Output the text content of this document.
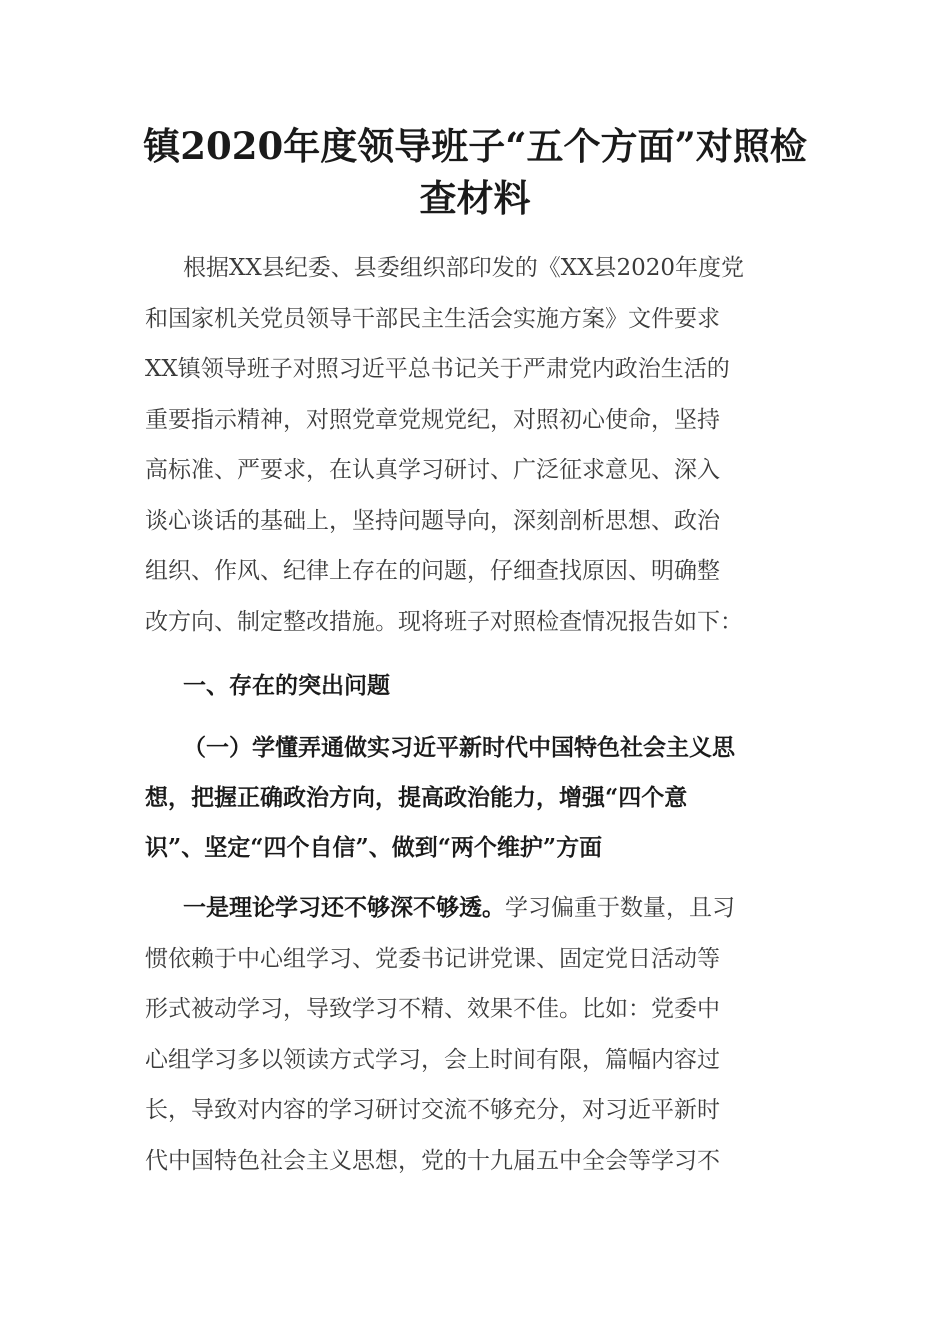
镇2020年度领导班子“五个方面”对照检
查材料

根据XX县纪委、县委组织部印发的《XX县2020年度党
和国家机关党员领导干部民主生活会实施方案》文件要求
XX镇领导班子对照习近平总书记关于严肃党内政治生活的
重要指示精神，对照党章党规党纪，对照初心使命，坚持
高标准、严要求，在认真学习研讨、广泛征求意见、深入
谈心谈话的基础上，坚持问题导向，深刻剖析思想、政治
组织、作风、纪律上存在的问题，仔细查找原因、明确整
改方向、制定整改措施。现将班子对照检查情况报告如下：

一、存在的突出问题
（一）学懂弄通做实习近平新时代中国特色社会主义思
想，把握正确政治方向，提高政治能力，增强“四个意
识”、坚定“四个自信”、做到“两个维护”方面

一是理论学习还不够深不够透。学习偏重于数量，且习
惯依赖于中心组学习、党委书记讲党课、固定党日活动等
形式被动学习，导致学习不精、效果不佳。比如：党委中
心组学习多以领读方式学习，会上时间有限，篇幅内容过
长，导致对内容的学习研讨交流不够充分，对习近平新时
代中国特色社会主义思想，党的十九届五中全会等学习不
